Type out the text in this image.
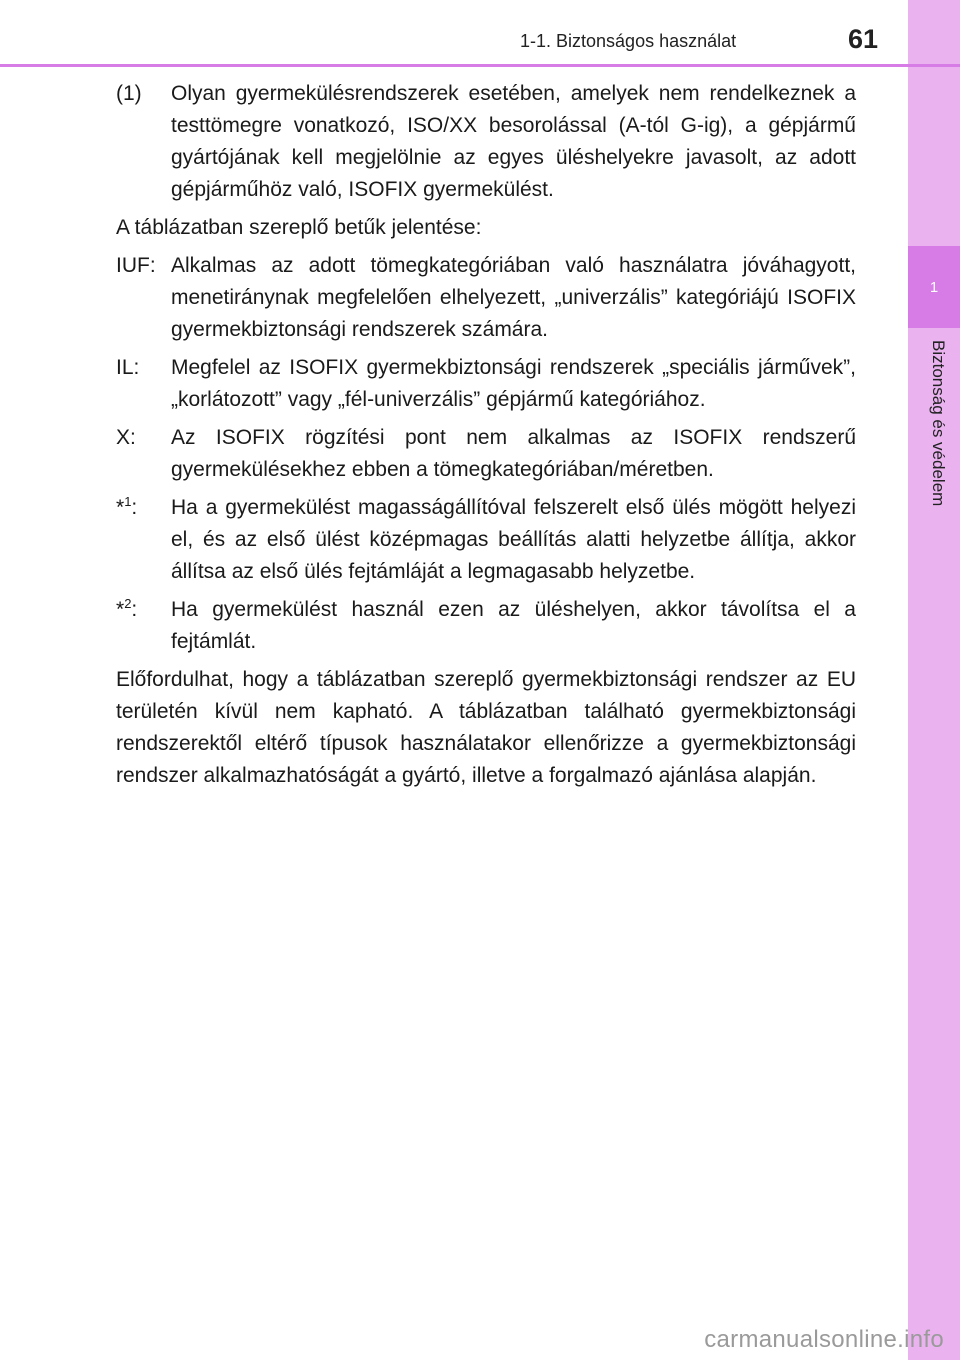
1
Biztonság és védelem
1-1. Biztonságos használat	61
(1)	Olyan gyermekülésrendszerek esetében, amelyek nem rendelkeznek a testtömegre vonatkozó, ISO/XX besorolással (A-tól G-ig), a gépjármű gyártójának kell megjelölnie az egyes üléshelyekre javasolt, az adott gépjárműhöz való, ISOFIX gyermekülést.
A táblázatban szereplő betűk jelentése:
IUF: Alkalmas az adott tömegkategóriában való használatra jóváhagyott, menetiránynak megfelelően elhelyezett, „univerzális” kategóriájú ISOFIX gyermekbiztonsági rendszerek számára.
IL:	Megfelel az ISOFIX gyermekbiztonsági rendszerek „speciális járművek”, „korlátozott” vagy „fél-univerzális” gépjármű kategóriához.
X:	Az ISOFIX rögzítési pont nem alkalmas az ISOFIX rendszerű gyermekülésekhez ebben a tömegkategóriában/méretben.
*$^1$:	Ha a gyermekülést magasságállítóval felszerelt első ülés mögött helyezi el, és az első ülést középmagas beállítás alatti helyzetbe állítja, akkor állítsa az első ülés fejtámláját a legmagasabb helyzetbe.
*$^2$:	Ha gyermekülést használ ezen az üléshelyen, akkor távolítsa el a fejtámlát.
Előfordulhat, hogy a táblázatban szereplő gyermekbiztonsági rendszer az EU területén kívül nem kapható. A táblázatban található gyermekbiztonsági rendszerektől eltérő típusok használatakor ellenőrizze a gyermekbiztonsági rendszer alkalmazhatóságát a gyártó, illetve a forgalmazó ajánlása alapján.
carmanualsonline.info
